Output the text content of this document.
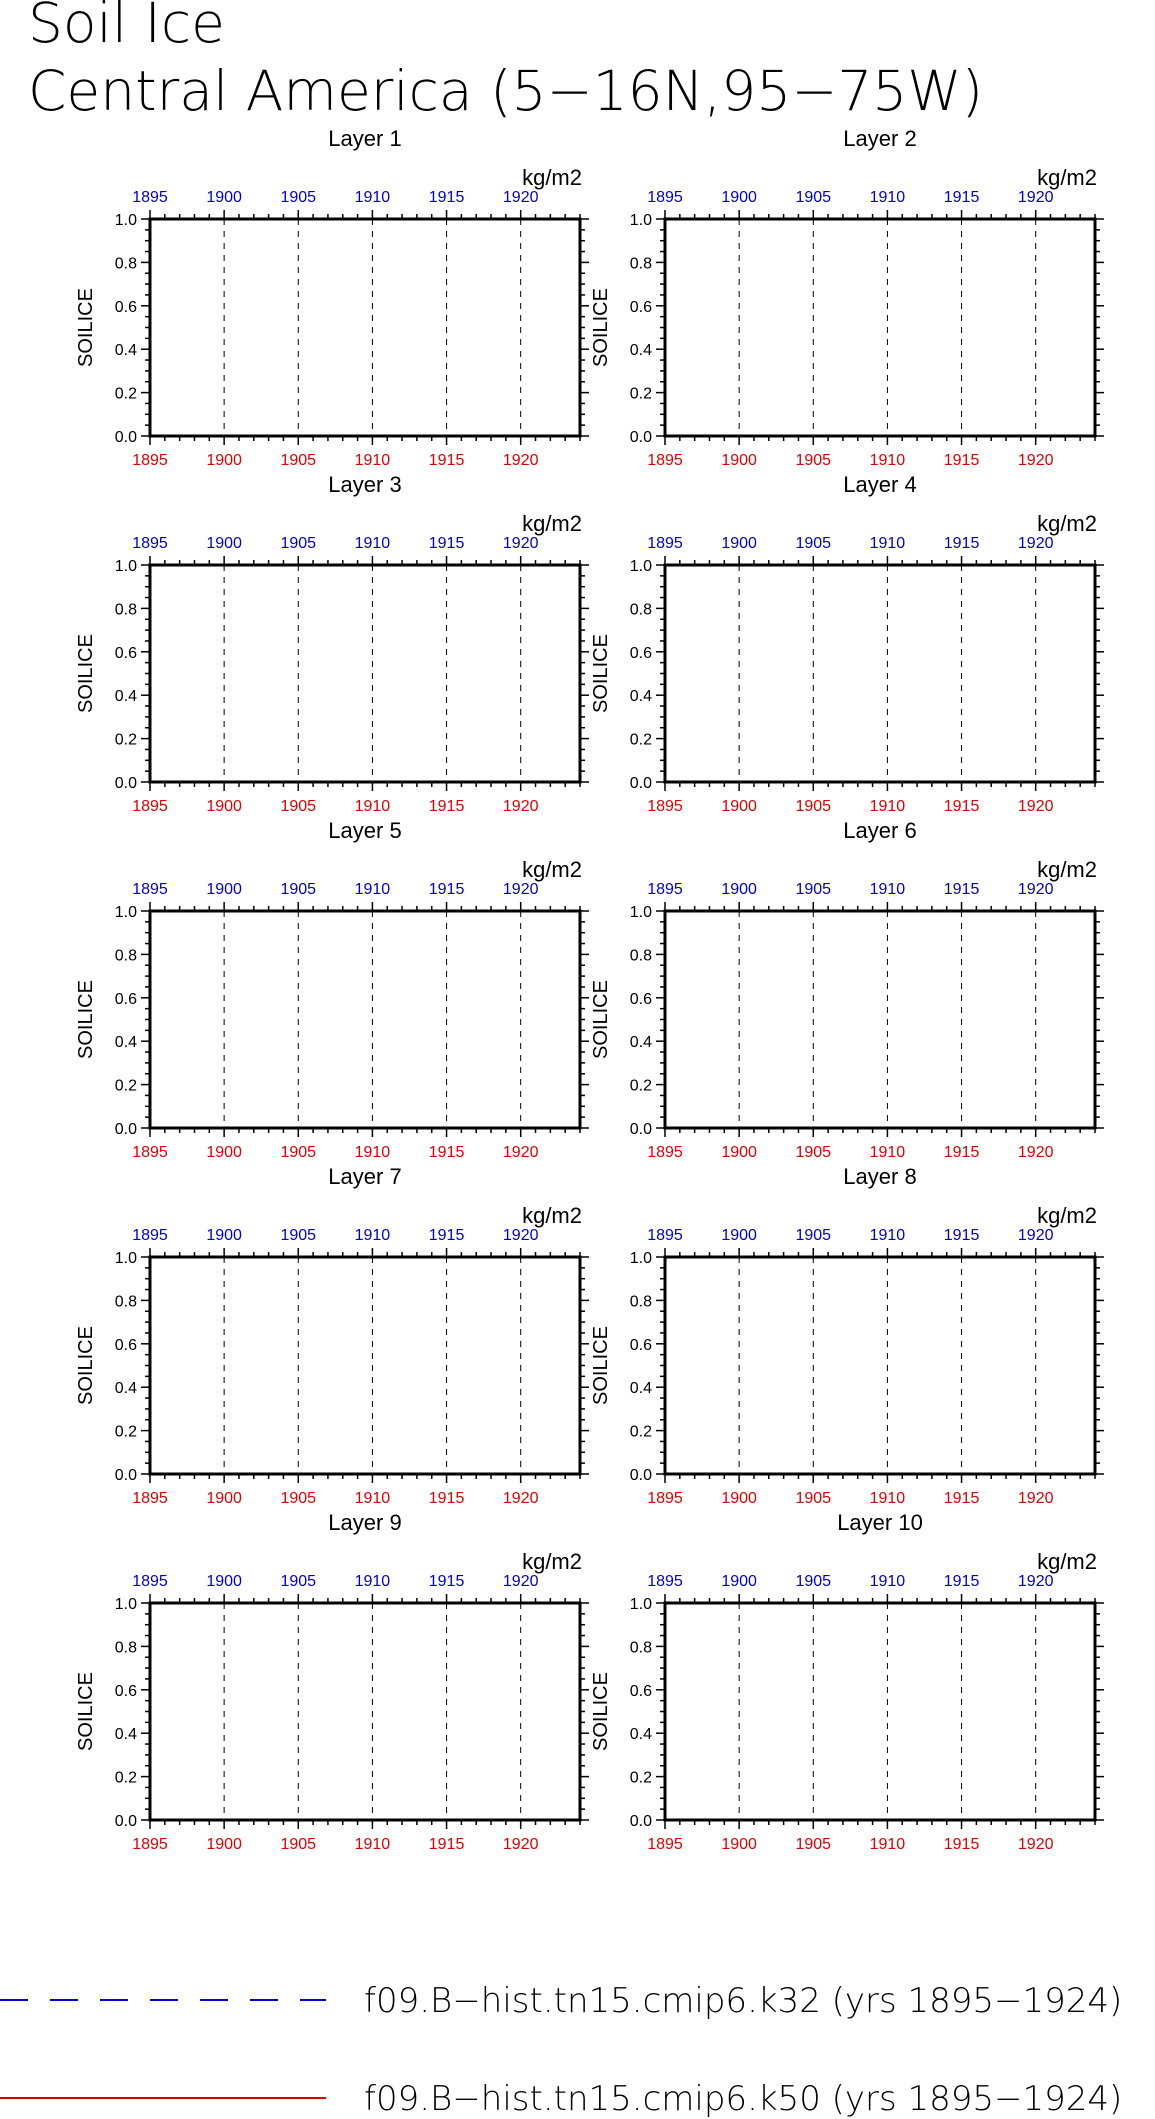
Soil Ice
Central America (5−16N,95−75W)
Layer 1
kg/m2
SOILICE
0.0
0.2
0.4
0.6
0.8
1.0
1895
1895
1900
1900
1905
1905
1910
1910
1915
1915
1920
1920
Layer 2
kg/m2
SOILICE
0.0
0.2
0.4
0.6
0.8
1.0
1895
1895
1900
1900
1905
1905
1910
1910
1915
1915
1920
1920
Layer 3
kg/m2
SOILICE
0.0
0.2
0.4
0.6
0.8
1.0
1895
1895
1900
1900
1905
1905
1910
1910
1915
1915
1920
1920
Layer 4
kg/m2
SOILICE
0.0
0.2
0.4
0.6
0.8
1.0
1895
1895
1900
1900
1905
1905
1910
1910
1915
1915
1920
1920
Layer 5
kg/m2
SOILICE
0.0
0.2
0.4
0.6
0.8
1.0
1895
1895
1900
1900
1905
1905
1910
1910
1915
1915
1920
1920
Layer 6
kg/m2
SOILICE
0.0
0.2
0.4
0.6
0.8
1.0
1895
1895
1900
1900
1905
1905
1910
1910
1915
1915
1920
1920
Layer 7
kg/m2
SOILICE
0.0
0.2
0.4
0.6
0.8
1.0
1895
1895
1900
1900
1905
1905
1910
1910
1915
1915
1920
1920
Layer 8
kg/m2
SOILICE
0.0
0.2
0.4
0.6
0.8
1.0
1895
1895
1900
1900
1905
1905
1910
1910
1915
1915
1920
1920
Layer 9
kg/m2
SOILICE
0.0
0.2
0.4
0.6
0.8
1.0
1895
1895
1900
1900
1905
1905
1910
1910
1915
1915
1920
1920
Layer 10
kg/m2
SOILICE
0.0
0.2
0.4
0.6
0.8
1.0
1895
1895
1900
1900
1905
1905
1910
1910
1915
1915
1920
1920
f09.B−hist.tn15.cmip6.k32 (yrs 1895−1924)
f09.B−hist.tn15.cmip6.k50 (yrs 1895−1924)
